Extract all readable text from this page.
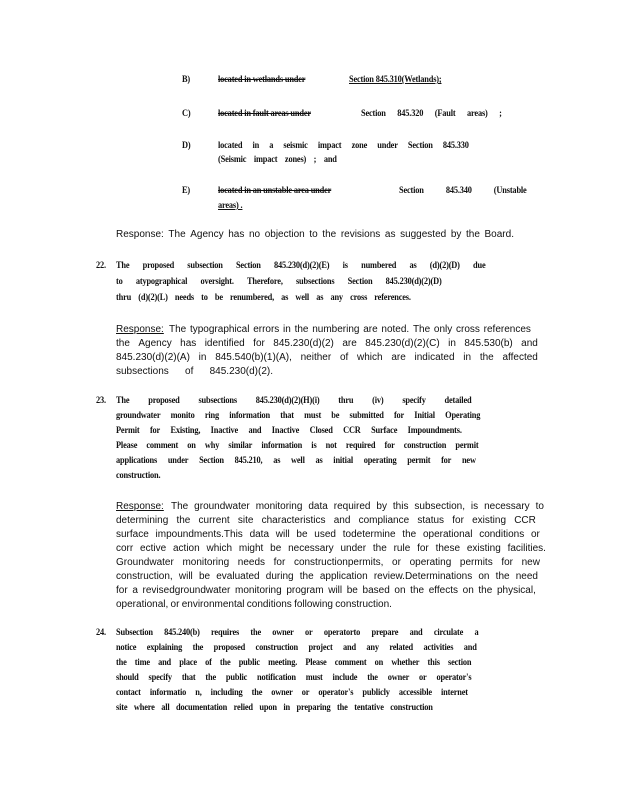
B)	located in wetlands under	Section 845.310(Wetlands);
C)	located in fault areas under	Section 845.320 (Fault areas) ;
D)	located in a seismic impact zone under Section 845.330
(Seismic impact zones) ; and
E)	located in an unstable area under	Section 845.340 (Unstable
areas) .
Response: The Agency has no objection to the revisions as suggested by the Board.
22. The proposed subsection Section 845.230(d)(2)(E) is numbered as (d)(2)(D) due
to atypographical oversight. Therefore, subsections Section 845.230(d)(2)(D)
thru (d)(2)(L) needs to be renumbered, as well as any cross references.
Response: The typographical errors in the numbering are noted. The only cross references
the Agency has identified for 845.230(d)(2) are 845.230(d)(2)(C) in 845.530(b) and
845.230(d)(2)(A) in 845.540(b)(1)(A), neither of which are indicated in the affected
subsections of 845.230(d)(2).
23. The proposed subsections 845.230(d)(2)(H)(i) thru (iv) specify detailed
groundwater monito ring information that must be submitted for Initial Operating
Permit for Existing, Inactive and Inactive Closed CCR Surface Impoundments.
Please comment on why similar information is not required for construction permit
applications under Section 845.210, as well as initial operating permit for new
construction.
Response: The groundwater monitoring data required by this subsection, is necessary to
determining the current site characteristics and compliance status for existing CCR
surface impoundments.This data will be used todetermine the operational conditions or
corr ective action which might be necessary under the rule for these existing facilities.
Groundwater monitoring needs for constructionpermits, or operating permits for new
construction, will be evaluated during the application review.Determinations on the need
for a revisedgroundwater monitoring program will be based on the effects on the physical,
operational, or environmental conditions following construction.
24. Subsection 845.240(b) requires the owner or operatorto prepare and circulate a
notice explaining the proposed construction project and any related activities and
the time and place of the public meeting. Please comment on whether this section
should specify that the public notification must include the owner or operator's
contact informatio n, including the owner or operator's publicly accessible internet
site where all documentation relied upon in preparing the tentative construction
